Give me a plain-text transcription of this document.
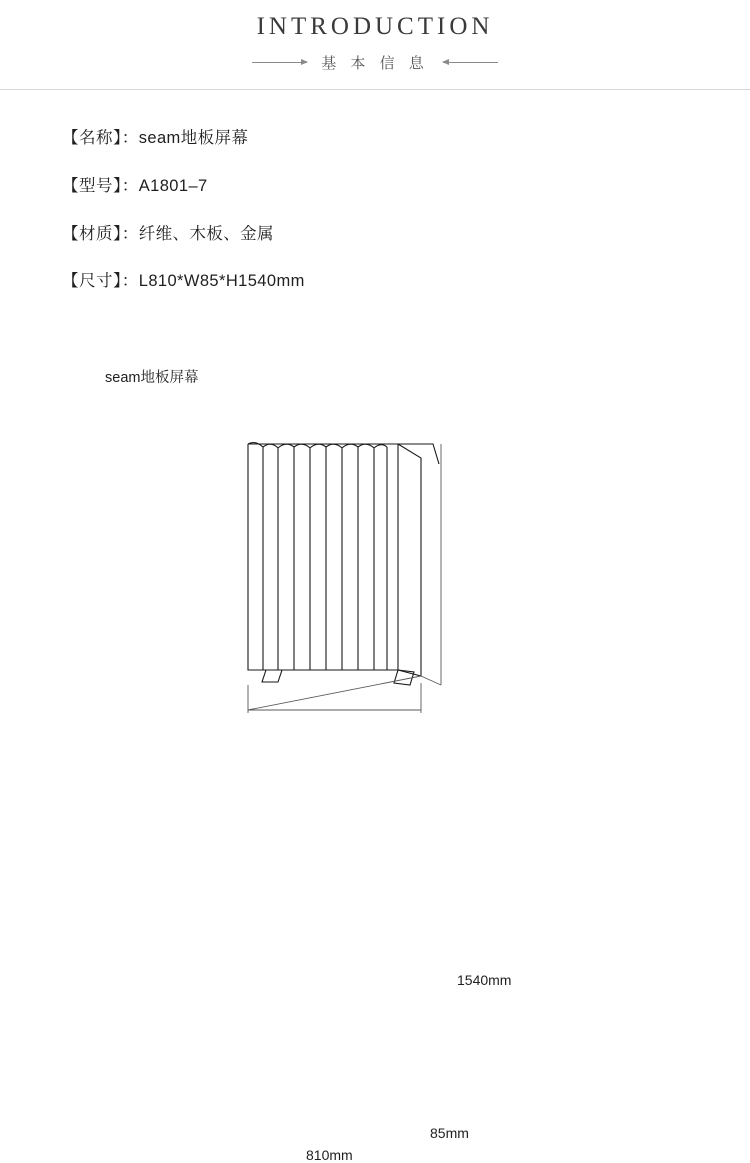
INTRODUCTION
基 本 信 息
【名称】：seam地板屏幕
【型号】：A1801–7
【材质】：纤维、木板、金属
【尺寸】：L810*W85*H1540mm
seam地板屏幕
1540mm
85mm
810mm
